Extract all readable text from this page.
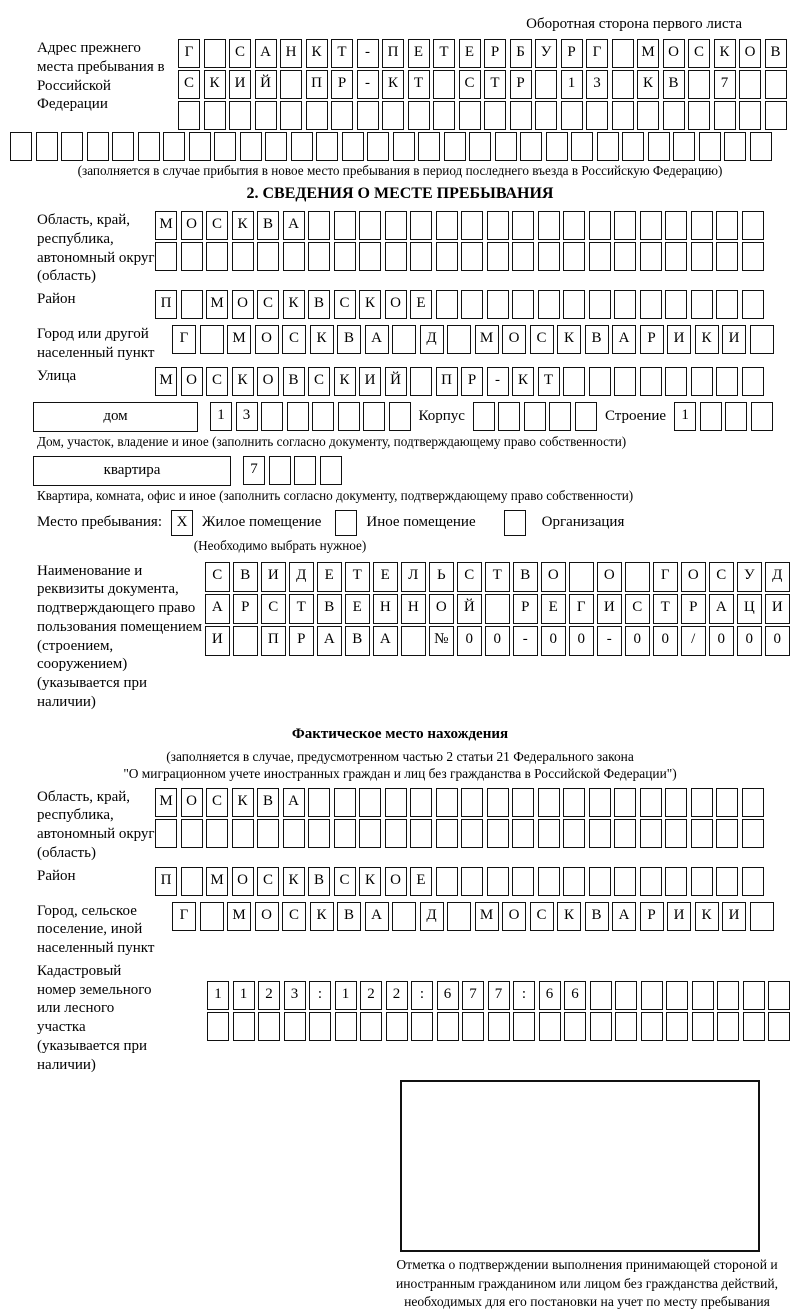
Оборотная сторона первого листа
Адрес прежнего места пребывания в Российской Федерации
Г	С	А Н	К	Т	-	П	Е	Т	Е	Р	Б	У	Р	Г	М О	С	К	О	В
С	К	И Й	П	Р	-	К	Т	С	Т	Р	1	3	К	В	7
(заполняется в случае прибытия в новое место пребывания в период последнего въезда в Российскую Федерацию)
2. СВЕДЕНИЯ О МЕСТЕ ПРЕБЫВАНИЯ
Область, край, республика, автономный округ (область)
М О	С	К	В	А
Район	П	М О	С	К	В	С	К	О	Е
Город или другой населенный пункт
Г	М	О	С	К	В	А	Д	М	О	С	К	В	А	Р	И	К	И
Улица	М О	С	К	О	В	С	К	И Й	П	Р	-	К	Т
дом	1	3	Корпус	Строение	1
Дом, участок, владение и иное (заполнить согласно документу, подтверждающему право собственности)
квартира	7
Квартира, комната, офис и иное (заполнить согласно документу, подтверждающему право собственности)
Место пребывания: X Жилое помещение	Иное помещение	Организация
(Необходимо выбрать нужное)
Наименование и реквизиты документа, подтверждающего право пользования помещением (строением, сооружением) (указывается при наличии)
С	В	И	Д	Е	Т	Е	Л	Ь	С	Т	В	О	О	Г	О	С	У	Д
А	Р	С	Т	В	Е	Н	Н	О	Й	Р	Е	Г	И	С	Т	Р	А	Ц	И
И	П	Р	А	В	А	№	0	0	-	0	0	-	0	0	/	0	0	0
Фактическое место нахождения
(заполняется в случае, предусмотренном частью 2 статьи 21 Федерального закона
"О миграционном учете иностранных граждан и лиц без гражданства в Российской Федерации")
Область, край, республика, автономный округ (область)
М О	С	К	В	А
Район	П	М О	С	К	В	С	К	О	Е
Город, сельское поселение, иной населенный пункт
Г	М	О	С	К	В	А	Д	М	О	С	К	В	А	Р	И	К	И
Кадастровый номер земельного или лесного участка (указывается при наличии)
1	1	2	3	:	1	2	2	:	6	7	7	:	6	6
Отметка о подтверждении выполнения принимающей стороной и иностранным гражданином или лицом без гражданства действий, необходимых для его постановки на учет по месту пребывания
